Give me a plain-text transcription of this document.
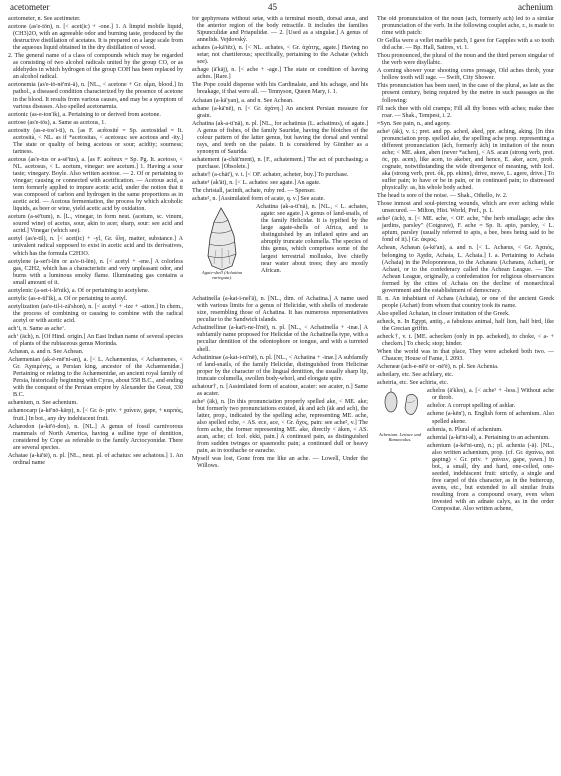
acetometer	45	achenium

acetometer, n. See acetimeter.

acetone (as'e-tōn), n. [< acet(ic) + -one.] 1. A limpid mobile liquid, (CH3)2O, with an agreeable odor and burning taste, produced by the destructive distillation of acetates. It is prepared on a large scale from the aqueous liquid obtained in the dry distillation of wood.

2. The general name of a class of compounds which may be regarded as consisting of two alcohol radicals united by the group CO, or as aldehydes in which hydrogen of the group COH has been replaced by an alcohol radical.

acetonemia (as'e-tō-nē'mi-ä), n. [NL., < acetone + Gr. αἷμα, blood.] In pathol., a diseased condition characterized by the presence of acetone in the blood. It results from various causes, and may be a symptom of various diseases. Also spelled acetonæmia.

acetonic (as-e-ton'ik), a. Pertaining to or derived from acetone.

acetose (as'e-tōs), a. Same as acetous, 1.

acetosity (as-e-tos'i-ti), n. [as F. acétosité = Sp. acetosidad = It. acetosità, < NL. as if *acetositas, < acetosus: see acetous and -ity.] The state or quality of being acetous or sour; acidity; sourness; tartness.

acetous (as'e-tus or a-sē'tus), a. [as F. acéteux = Sp. Pg. It. acetoso, < NL. acetosus, < L. acetum, vinegar: see acetum.] 1. Having a sour taste; vinegary. Boyle. Also written acetose. — 2. Of or pertaining to vinegar; causing or connected with acetification. — Acetous acid, a term formerly applied to impure acetic acid, under the notion that it was composed of carbon and hydrogen in the same proportions as in acetic acid. — Acetous fermentation, the process by which alcoholic liquids, as beer or wine, yield acetic acid by oxidation.

acetum (a-sē'tum), n. [L., vinegar, in form neut. (acetum, sc. vinum, soured wine) of acetus, sour, akin to acer, sharp, sour: see acid and acrid.] Vinegar (which see).

acetyl (as'e-til), n. [< acet(ic) + -yl, Gr. ὕλη, matter, substance.] A univalent radical supposed to exist in acetic acid and its derivatives, which has the formula C2H3O.

acetylene (a-set'i-lēn or as'e-ti-lēn), n. [< acetyl + -ene.] A colorless gas, C2H2, which has a characteristic and very unpleasant odor, and burns with a luminous smoky flame. Illuminating gas contains a small amount of it.

acetylenic (a-set-i-lē'nik), a. Of or pertaining to acetylene.

acetylic (as-e-til'ik), a. Of or pertaining to acetyl.

acetylization (as'e-til-i-zā'shon), n. [< acetyl + -ize + -ation.] In chem., the process of combining or causing to combine with the radical acetyl or with acetic acid.

achʻi, n. Same as acheʻ.

achʻ (äch), n. [Of Hind. origin.] An East Indian name of several species of plants of the rubiaceous genus Morinda.

Achæan, a. and n. See Achean.

Achæmenian (ak-ē-mē'ni-an), a. [< L. Achæmenius, < Achæmenes, < Gr. Ἀχαιμένης, a Persian king, ancestor of the Achæmenidæ.] Pertaining or relating to the Achæmenidæ, an ancient royal family of Persia, historically beginning with Cyrus, about 558 B.C., and ending with the conquest of the Persian empire by Alexander the Great, 330 B.C.

achænium, n. See achenium.

achænocarp (a-kē'nō-kärp), n. [< Gr. ἀ- priv. + χαίνειν, gape, + καρπός, fruit.] In bot., any dry indehiscent fruit.

Achæodon (a-kē'ō-don), n. [NL.] A genus of fossil carnivorous mammals of North America, having a sulline type of dentition, considered by Cope as referable to the family Arctocyonidæ. There are several species.

Achatae (a-kā'tē), n. pl. [NL., neut. pl. of achatus: see achatous.] 1. An ordinal name

for gephyreans without setæ, with a terminal mouth, dorsal anus, and the anterior region of the body retractile. It includes the families Sipunculidæ and Priapulidæ. — 2. [Used as a singular.] A genus of annelids. Vejdovský.

achates (a-kā'tēz), n. [< NL. achates, < Gr. ἀχάτης, agate.] Having no setæ; not chætiferous; specifically, pertaining to the Achatæ (which see).

achage (ā'kāj), n. [< ache + -age.] The state or condition of having aches. [Rare.]

The Pope could dispense with his Cardinalate, and his achage, and his breakage, if that were all. — Tennyson, Queen Mary, i. 1.

Achaian (a-kā'yan), a. and n. See Achean.

achane (a-kā'nē), n. [< Gr. ἀχάνη.] An ancient Persian measure for grain.

Achatina (ak-a-ti'nä), n. pl. [NL., for achatinus (L. achatinus), of agate.] A genus of fishes, of the family Sauridæ, having the blotches of the colour pattern of the latter genus, but having the dorsal and ventral rays, and teeth on the palate. It is considered by Günther as a synonym of Saurida.

achatement (a-chāt'ment), n. [F., achatement.] The act of purchasing; a purchase. [Obsolete.]

achate† (a-chāt'), v. t. [< OF. achater, acheter, buy.] To purchase.

achate¹ (ak'āt), n. [< L. achates: see agate.] An agate.

The christall, jacinth, achate, ruby red. — Spenser.

achate², n. [Assimilated form of acate, q. v.] See acate.

Agate-shell (Achatina variegata).

Achatina (ak-a-tī'nä), n. [NL., < L. achates, agate: see agate.] A genus of land-snails, of the family Helicidæ. It is typified by the large agate-shells of Africa, and is distinguished by an inflated spire and an abruptly truncate columella. The species of this genus, which comprises some of the largest terrestrial mollusks, live chiefly near water about trees; they are mostly African.

Achatinella (a-kat-i-nel'ä), n. [NL., dim. of Achatina.] A name used with various limits for a genus of Helicidæ, with shells of moderate size, resembling those of Achatina. It has numerous representatives peculiar to the Sandwich islands.

Achatinellinæ (a-kat'i-ne-lī'nē), n. pl. [NL., < Achatinella + -inæ.] A subfamily name proposed for Helicidæ of the Achatinella type, with a peculiar dentition of the odontophore or tongue, and with a turreted shell.

Achatininae (a-kat-i-ni'nē), n. pl. [NL., < Achatina + -inæ.] A subfamily of land-snails, of the family Helicidæ, distinguished from Helicinæ proper by the character of the lingual dentition, the usually sharp lip, truncate columella, swollen body-whorl, and elongate spire.

achatour†, n. [Assimilated form of acatour, acater: see acater, n.] Same as acater.

ache¹ (āk), n. [In this pronunciation properly spelled ake, < ME. ake; but formerly two pronunciations existed, āk and āch (āk and ach), the latter, prop., indicated by the spelling ache, representing ME. ache, also spelled eche, < AS. ece, ace, < Gr. ἄχος, pain: see ache², v.] The form ache, the former representing ME. ake, directly < āken, < AS. acan, ache; cf. Icel. ekki, pain.] A continued pain, as distinguished from sudden twinges or spasmodic pain; a continued dull or heavy pain, as in toothache or earache.

Myself was lost, Gone from me like an ache. — Lowell, Under the Willows.

The old pronunciation of the noun (ach, formerly ach) led to a similar pronunciation of the verb. In the following couplet ache, r., is made to rime with patch:

Or Gellia were a vellet marble patch, I gave for Gapples with a so tooth did ache. — Bp. Hall, Satires, vi. 1.

Thou pronounced, the plural of the noun and the third person singular of the verb were disyllabic.

A coming shower your shooting corns presage, Old aches throb, your hollow tooth will rage. — Swift, City Shower.

This pronunciation has been used, in the case of the plural, as late as the present century, being required by the metre in such passages as the following:

I'll rack thee with old cramps; Fill all thy bones with aches; make thee roar. — Shak., Tempest, i. 2.

=Syn. See pain, n., and agony.

ache¹ (āk), v. i.; pret. and pp. ached, aked, ppr. aching, aking. [In this pronunciation prop. spelled ake, the spelling ache prop. representing a different pronunciation (āch, formerly āch) in imitation of the noun ache; < ME. aken, aben (never *achen), < AS. acan (strong verb, pret. ōc, pp. acen), like acen, to akeber, and hence, E. aker, acre, prob. cognate, notwithstanding the wide divergence of meaning, with Icel. aka (strong verb, pret. ók, pp. ekinn), drive, move, L. agere, drive.] To suffer pain; to have or be in pain, or in continued pain; to distressed physically: as, his whole body ached.

The head is sore of the noise. — Shak., Othello, iv. 2.

Those inmost and soul-piercing wounds, which are ever aching while unsecured. — Milton, Hist. World, Pref., p. 1.

ache² (āch), n. [< ME. ache, < OF. ache, "the herb smallage; ache des jardins, parsley" (Cotgrave), F. ache = Sp. It. apio, parsley, < L. apium, parsley (usually referred to apis, a bee, bees being said to be fond of it).] Gr. ἀκρος.

Achean, Achæan (a-kē'an), a. and n. [< L. Achæus, < Gr. Ἀχαιός, belonging to Ἀχαΐα, Achaia, L. Achaia.] I. a. Pertaining to Achaia (Achaia) in the Peloponnesus, to the Achæans (Achæans, Achæi), or Achaei, or to the confederacy called the Achean League. — The Achean League, originally, a confederation for religious observances formed by the cities of Achaia on the decline of monarchical government and the establishment of democracy.

II. n. An inhabitant of Achæa (Achaia), or one of the ancient Greek people (Achæi) from whom that country took its name.

Also spelled Achaian, in closer imitation of the Greek.

acheck, n. In Egypt, antiq., a fabulous animal, half lion, half bird, like the Grecian griffin.

acheck†, v. t. [ME. achecken (only in pp. acheked), to choke, < a- + checken.] To check; stop; hinder.

When the world was in that place, They were acheked both two. — Chaucer, House of Fame, l. 2093.

Acheneæ (ach-e-nē'ē or -nē'ē), n. pl. See Achenia.

acheilary, etc. See achilary, etc.

acheiria, etc. See achiria, etc.

Achenium. Lettuce and Ranunculus.

achelos (ā'kles), a. [< ache¹ + -less.] Without ache or throb.

achelor. A corrupt spelling of ashlar.

achene (a-kēn'), n. English form of achenium. Also spelled akene.

achenia, n. Plural of achenium.

achenial (a-kē'ni-al), a. Pertaining to an achenium.

achenium (a-kē'ni-um), n.; pl. achenia (-ä). [NL., also written achænium, prop. (cf. Gr. ἀχαίνω, not gaping) < Gr. priv. + χαίνειν, gape, yawn.] In bot., a small, dry and hard, one-celled, one-seeded, indehiscent fruit: strictly, a single and free carpel of this character, as in the buttercup, avens, etc., but extended to all similar fruits resulting from a compound ovary, even when invested with an adnate calyx, as in the order Compositæ. Also written achene,
